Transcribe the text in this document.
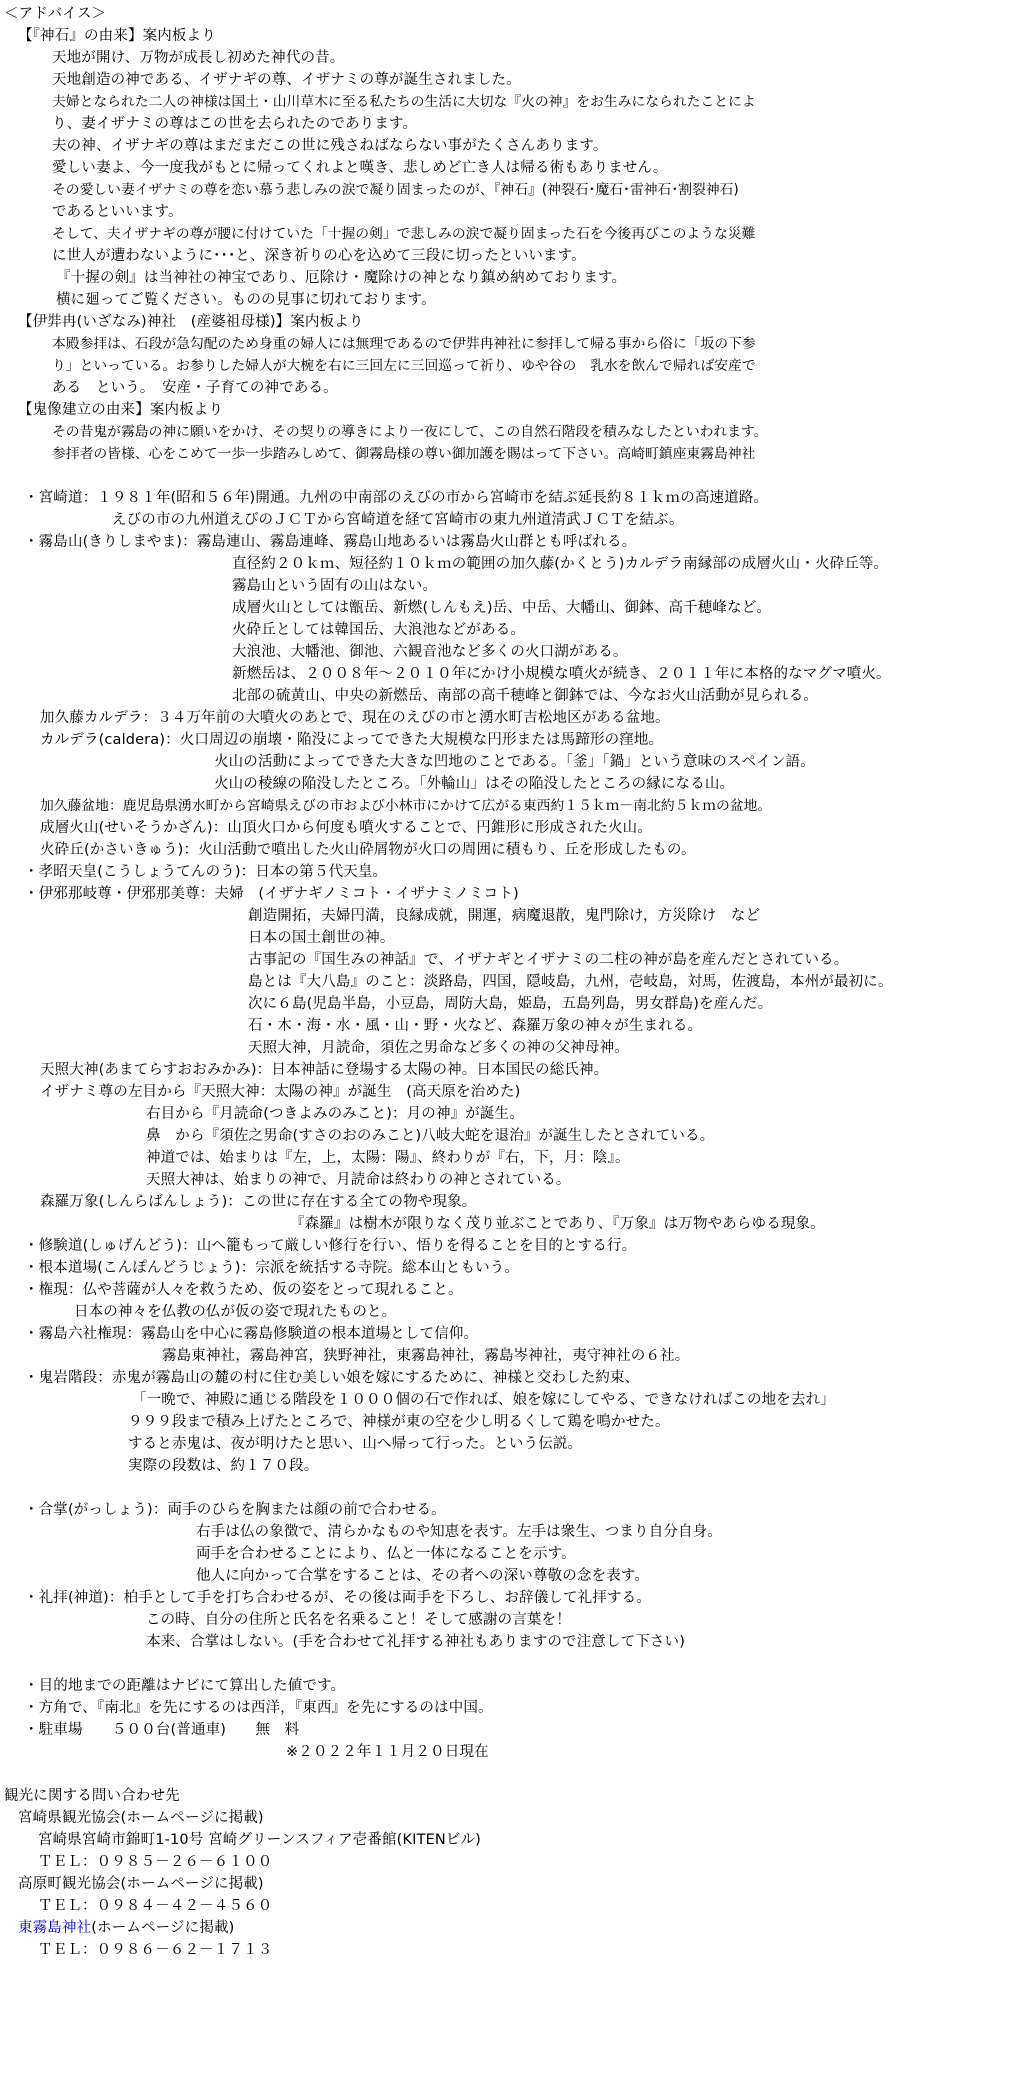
＜アドバイス＞
【『神石』の由来】案内板より
天地が開け、万物が成長し初めた神代の昔。
天地創造の神である、イザナギの尊、イザナミの尊が誕生されました。
夫婦となられた二人の神様は国土・山川草木に至る私たちの生活に大切な『火の神』をお生みになられたことによ
り、妻イザナミの尊はこの世を去られたのであります。
夫の神、イザナギの尊はまだまだこの世に残さねばならない事がたくさんあります。
愛しい妻よ、今一度我がもとに帰ってくれよと嘆き、悲しめど亡き人は帰る術もありません。
その愛しい妻イザナミの尊を恋い慕う悲しみの涙で凝り固まったのが、『神石』(神裂石･魔石･雷神石･割裂神石)
であるといいます。
そして、夫イザナギの尊が腰に付けていた「十握の剣」で悲しみの涙で凝り固まった石を今後再びこのような災難
に世人が遭わないように･･･と、深き祈りの心を込めて三段に切ったといいます。
『十握の剣』は当神社の神宝であり、厄除け・魔除けの神となり鎮め納めております。
横に廻ってご覧ください。ものの見事に切れております。
【伊弉冉(いざなみ)神社　(産婆祖母様)】案内板より
本殿参拝は、石段が急勾配のため身重の婦人には無理であるので伊弉冉神社に参拝して帰る事から俗に「坂の下参
り」といっている。お参りした婦人が大椀を右に三回左に三回巡って祈り、ゆや谷の　乳水を飲んで帰れば安産で
ある　という。　安産・子育ての神である。
【鬼像建立の由来】案内板より
その昔鬼が霧島の神に願いをかけ、その契りの導きにより一夜にして、この自然石階段を積みなしたといわれます。
参拝者の皆様、心をこめて一歩一歩踏みしめて、御霧島様の尊い御加護を賜はって下さい。高崎町鎮座東霧島神社
・宮崎道：１９８１年(昭和５６年)開通。九州の中南部のえびの市から宮崎市を結ぶ延長約８１ｋｍの高速道路。
えびの市の九州道えびのＪＣＴから宮崎道を経て宮崎市の東九州道清武ＪＣＴを結ぶ。
・霧島山(きりしまやま)：霧島連山、霧島連峰、霧島山地あるいは霧島火山群とも呼ばれる。
直径約２０ｋｍ、短径約１０ｋｍの範囲の加久藤(かくとう)カルデラ南縁部の成層火山・火砕丘等。
霧島山という固有の山はない。
成層火山としては甑岳、新燃(しんもえ)岳、中岳、大幡山、御鉢、高千穂峰など。
火砕丘としては韓国岳、大浪池などがある。
大浪池、大幡池、御池、六観音池など多くの火口湖がある。
新燃岳は、２００８年～２０１０年にかけ小規模な噴火が続き、２０１１年に本格的なマグマ噴火。
北部の硫黄山、中央の新燃岳、南部の高千穂峰と御鉢では、今なお火山活動が見られる。
加久藤カルデラ：３４万年前の大噴火のあとで、現在のえびの市と湧水町吉松地区がある盆地。
カルデラ(caldera)：火口周辺の崩壊・陥没によってできた大規模な円形または馬蹄形の窪地。
火山の活動によってできた大きな凹地のことである。「釜」「鍋」という意味のスペイン語。
火山の稜線の陥没したところ。「外輪山」はその陥没したところの縁になる山。
加久藤盆地：鹿児島県湧水町から宮崎県えびの市および小林市にかけて広がる東西約１５ｋｍ－南北約５ｋｍの盆地。
成層火山(せいそうかざん)：山頂火口から何度も噴火することで、円錐形に形成された火山。
火砕丘(かさいきゅう)：火山活動で噴出した火山砕屑物が火口の周囲に積もり、丘を形成したもの。
・孝昭天皇(こうしょうてんのう)：日本の第５代天皇。
・伊邪那岐尊・伊邪那美尊：夫婦　(イザナギノミコト・イザナミノミコト)
創造開拓，夫婦円満，良縁成就，開運，病魔退散，鬼門除け，方災除け　など
日本の国土創世の神。
古事記の『国生みの神話』で、イザナギとイザナミの二柱の神が島を産んだとされている。
島とは『大八島』のこと：淡路島，四国，隠岐島，九州，壱岐島，対馬，佐渡島，本州が最初に。
次に６島(児島半島，小豆島，周防大島，姫島，五島列島，男女群島)を産んだ。
石・木・海・水・風・山・野・火など、森羅万象の神々が生まれる。
天照大神，月読命，須佐之男命など多くの神の父神母神。
天照大神(あまてらすおおみかみ)：日本神話に登場する太陽の神。日本国民の総氏神。
イザナミ尊の左目から『天照大神：太陽の神』が誕生　(高天原を治めた)
右目から『月読命(つきよみのみこと)：月の神』が誕生。
鼻　から『須佐之男命(すさのおのみこと)八岐大蛇を退治』が誕生したとされている。
神道では、始まりは『左，上，太陽：陽』、終わりが『右，下，月：陰』。
天照大神は、始まりの神で、月読命は終わりの神とされている。
森羅万象(しんらばんしょう)：この世に存在する全ての物や現象。
『森羅』は樹木が限りなく茂り並ぶことであり、『万象』は万物やあらゆる現象。
・修験道(しゅげんどう)：山へ籠もって厳しい修行を行い、悟りを得ることを目的とする行。
・根本道場(こんぽんどうじょう)：宗派を統括する寺院。総本山ともいう。
・権現：仏や菩薩が人々を救うため、仮の姿をとって現れること。
日本の神々を仏教の仏が仮の姿で現れたものと。
・霧島六社権現：霧島山を中心に霧島修験道の根本道場として信仰。
霧島東神社，霧島神宮，狭野神社，東霧島神社，霧島岑神社，夷守神社の６社。
・鬼岩階段：赤鬼が霧島山の麓の村に住む美しい娘を嫁にするために、神様と交わした約束、
「一晩で、神殿に通じる階段を１０００個の石で作れば、娘を嫁にしてやる、できなければこの地を去れ」
９９９段まで積み上げたところで、神様が東の空を少し明るくして鶏を鳴かせた。
すると赤鬼は、夜が明けたと思い、山へ帰って行った。という伝説。
実際の段数は、約１７０段。
・合掌(がっしょう)：両手のひらを胸または顔の前で合わせる。
右手は仏の象徴で、清らかなものや知恵を表す。左手は衆生、つまり自分自身。
両手を合わせることにより、仏と一体になることを示す。
他人に向かって合掌をすることは、その者への深い尊敬の念を表す。
・礼拝(神道)：柏手として手を打ち合わせるが、その後は両手を下ろし、お辞儀して礼拝する。
この時、自分の住所と氏名を名乗ること！そして感謝の言葉を！
本来、合掌はしない。(手を合わせて礼拝する神社もありますので注意して下さい)
・目的地までの距離はナビにて算出した値です。
・方角で、『南北』を先にするのは西洋，『東西』を先にするのは中国。
・駐車場　　５００台(普通車)　　無　料
※２０２２年１１月２０日現在
観光に関する問い合わせ先
宮崎県観光協会(ホームページに掲載)
宮崎県宮崎市錦町1-10号 宮崎グリーンスフィア壱番館(KITENビル)
ＴＥＬ：０９８５－２６－６１００
高原町観光協会(ホームページに掲載)
ＴＥＬ：０９８４－４２－４５６０
東霧島神社(ホームページに掲載)
ＴＥＬ：０９８６－６２－１７１３
